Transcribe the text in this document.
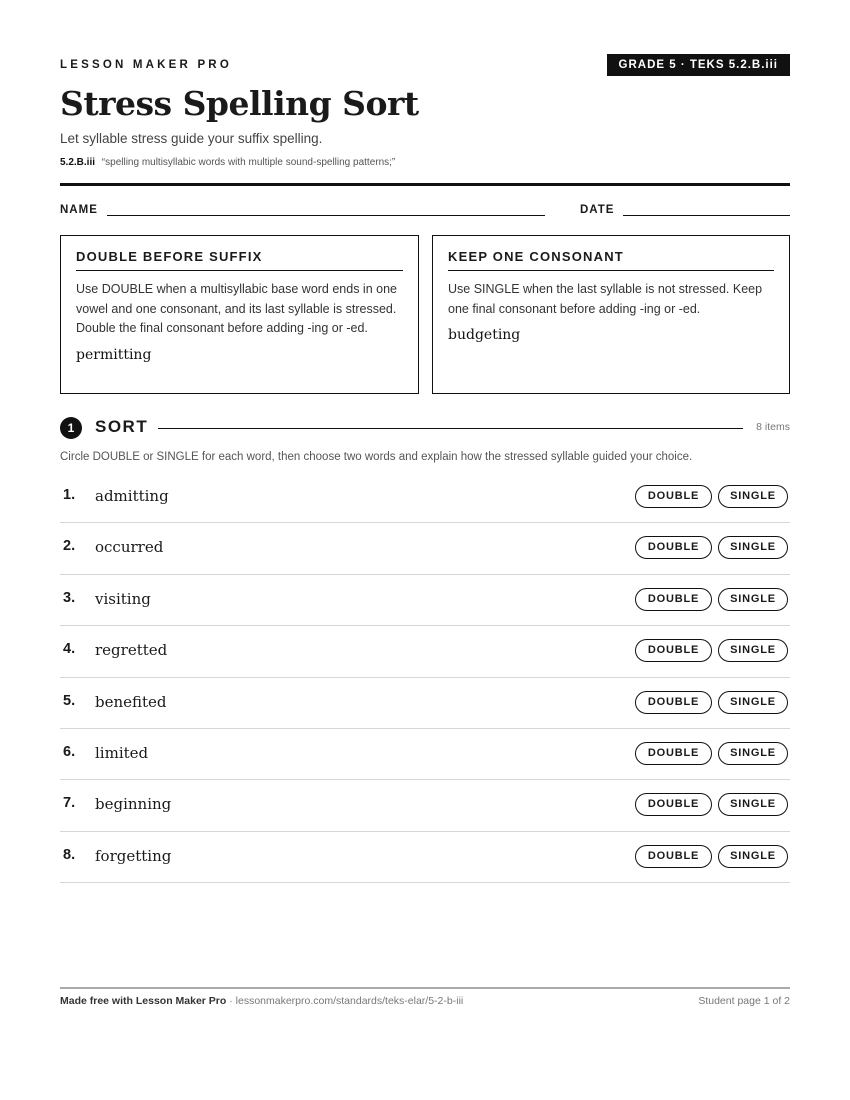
LESSON MAKER PRO	GRADE 5 · TEKS 5.2.B.iii
Stress Spelling Sort
Let syllable stress guide your suffix spelling.
5.2.B.iii “spelling multisyllabic words with multiple sound-spelling patterns;”
NAME	DATE
DOUBLE BEFORE SUFFIX

Use DOUBLE when a multisyllabic base word ends in one vowel and one consonant, and its last syllable is stressed. Double the final consonant before adding -ing or -ed.

permitting
KEEP ONE CONSONANT

Use SINGLE when the last syllable is not stressed. Keep one final consonant before adding -ing or -ed.

budgeting
1	SORT	8 items
Circle DOUBLE or SINGLE for each word, then choose two words and explain how the stressed syllable guided your choice.
1. admitting	DOUBLE	SINGLE
2. occurred	DOUBLE	SINGLE
3. visiting	DOUBLE	SINGLE
4. regretted	DOUBLE	SINGLE
5. benefited	DOUBLE	SINGLE
6. limited	DOUBLE	SINGLE
7. beginning	DOUBLE	SINGLE
8. forgetting	DOUBLE	SINGLE
Made free with Lesson Maker Pro · lessonmakerpro.com/standards/teks-elar/5-2-b-iii	Student page 1 of 2
